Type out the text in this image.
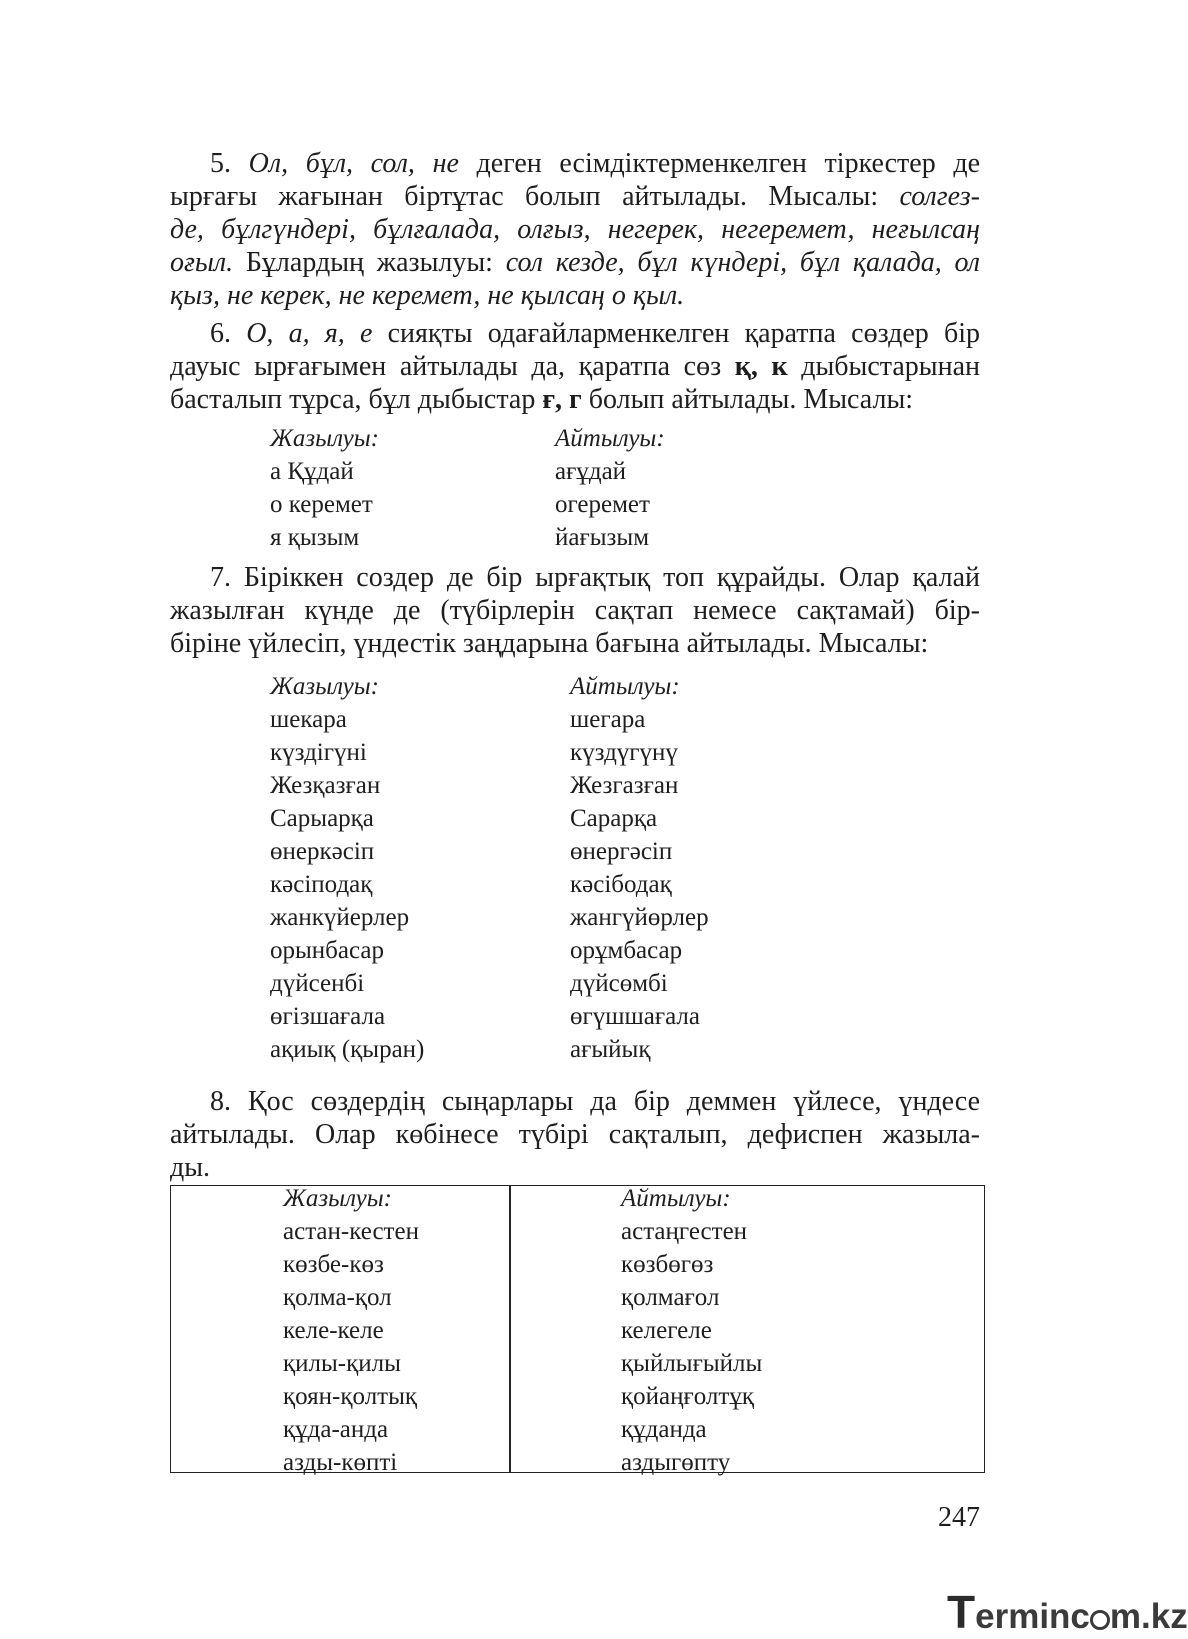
5. Ол, бұл, сол, не деген есімдіктерменкелген тіркестер де
ырғағы жағынан біртұтас болып айтылады. Мысалы: солгез-
де, бұлгүндері, бұлғалада, олғыз, негерек, негеремет, неғылсаң
оғыл. Бұлардың жазылуы: сол кезде, бұл күндері, бұл қалада, ол
қыз, не керек, не керемет, не қылсаң о қыл.
6. О, а, я, е сияқты одағайларменкелген қаратпа сөздер бір
дауыс ырғағымен айтылады да, қаратпа сөз қ, к дыбыстарынан
басталып тұрса, бұл дыбыстар ғ, г болып айтылады. Мысалы:
Жазылуы:	Айтылуы:
а Құдай	ағұдай
о керемет	огеремет
я қызым	йағызым
7. Біріккен создер де бір ырғақтық топ құрайды. Олар қалай
жазылған күнде де (түбірлерін сақтап немесе сақтамай) бір-
біріне үйлесіп, үндестік заңдарына бағына айтылады. Мысалы:
Жазылуы:	Айтылуы:
шекара	шегара
күздігүні	күздүгүнү
Жезқазған	Жезгазған
Сарыарқа	Сарарқа
өнеркәсіп	өнергәсіп
кәсіподақ	кәсібодақ
жанкүйерлер	жангүйөрлер
орынбасар	орұмбасар
дүйсенбі	дүйсөмбі
өгізшағала	өгүшшағала
ақиық (қыран)	ағыйық
8. Қос сөздердің сыңарлары да бір деммен үйлесе, үндесе
айтылады. Олар көбінесе түбірі сақталып, дефиспен жазыла-
ды.
Жазылуы:	Айтылуы:
астан-кестен	астаңгестен
көзбе-көз	көзбөгөз
қолма-қол	қолмағол
келе-келе	келегеле
қилы-қилы	қыйлығыйлы
қоян-қолтық	қойаңғолтұқ
құда-анда	құданда
азды-көпті	аздыгөпту
247
Terminc m.kz
